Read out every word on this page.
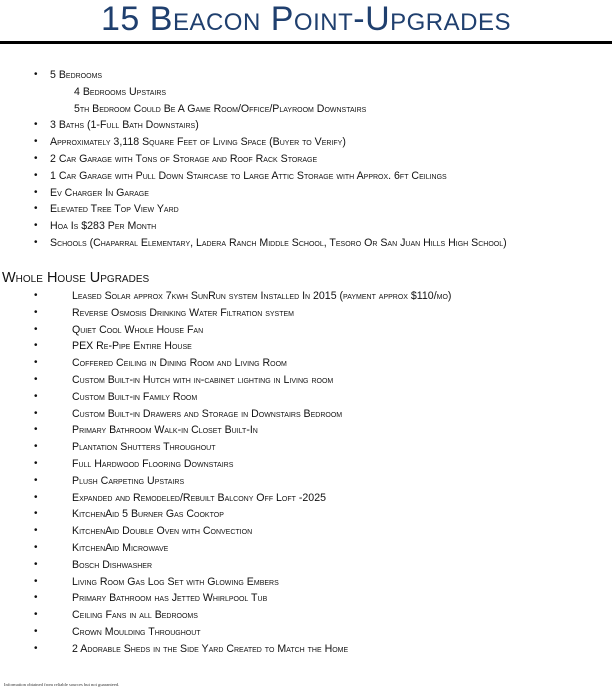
15 Beacon Point-Upgrades
• 5 Bedrooms
4 Bedrooms Upstairs
5th Bedroom Could Be A Game Room/Office/Playroom Downstairs
• 3 Baths (1-Full Bath Downstairs)
• Approximately 3,118 Square Feet of Living Space (Buyer to Verify)
• 2 Car Garage with Tons of Storage and Roof Rack Storage
• 1 Car Garage with Pull Down Staircase to Large Attic Storage with Approx. 6ft Ceilings
• Ev Charger In Garage
• Elevated Tree Top View Yard
• Hoa Is $283 Per Month
• Schools (Chaparral Elementary, Ladera Ranch Middle School, Tesoro Or San Juan Hills High School)
Whole House Upgrades
• Leased Solar approx 7kwh SunRun system Installed In 2015 (payment approx $110/mo)
• Reverse Osmosis Drinking Water Filtration system
• Quiet Cool Whole House Fan
• PEX Re-Pipe Entire House
• Coffered Ceiling in Dining Room and Living Room
• Custom Built-in Hutch with in-cabinet lighting in Living room
• Custom Built-in Family Room
• Custom Built-in Drawers and Storage in Downstairs Bedroom
• Primary Bathroom Walk-in Closet Built-In
• Plantation Shutters Throughout
• Full Hardwood Flooring Downstairs
• Plush Carpeting Upstairs
• Expanded and Remodeled/Rebuilt Balcony Off Loft -2025
• KitchenAid 5 Burner Gas Cooktop
• KitchenAid Double Oven with Convection
• KitchenAid Microwave
• Bosch Dishwasher
• Living Room Gas Log Set with Glowing Embers
• Primary Bathroom has Jetted Whirlpool Tub
• Ceiling Fans in all Bedrooms
• Crown Moulding Throughout
• 2 Adorable Sheds in the Side Yard Created to Match the Home
Information obtained from reliable sources but not guaranteed.
